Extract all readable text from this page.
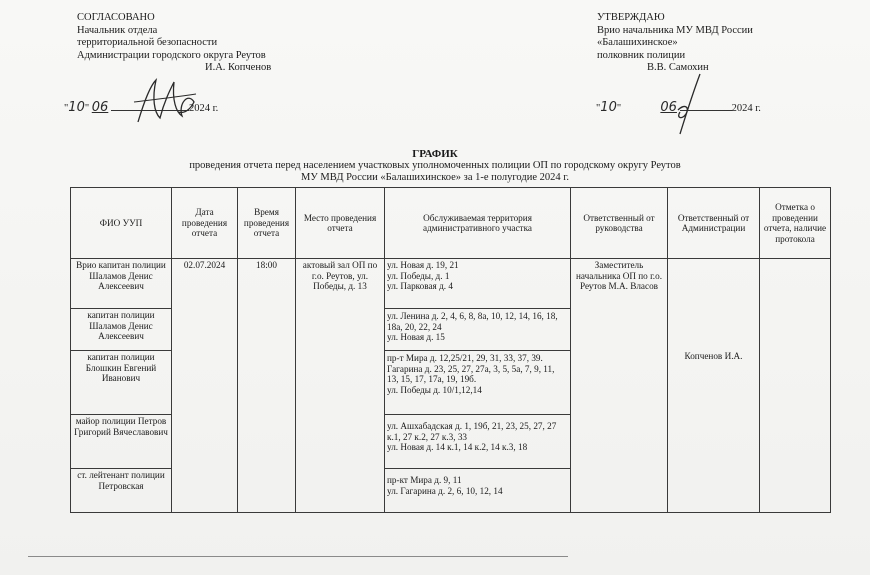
СОГЛАСОВАНО
Начальник отдела
территориальной безопасности
Администрации городского округа Реутов
И.А. Копченов
"10" 06	2024 г.
УТВЕРЖДАЮ
Врио начальника МУ МВД России
«Балашихинское»
полковник полиции
В.В. Самохин
"10"	06	2024 г.
ГРАФИК
проведения отчета перед населением участковых уполномоченных полиции ОП по городскому округу Реутов
МУ МВД России «Балашихинское» за 1-е полугодие 2024 г.
ФИО УУП	Дата проведения отчета	Время проведения отчета	Место проведения отчета	Обслуживаемая территория административного участка	Ответственный от руководства	Ответственный от Администрации	Отметка о проведении отчета, наличие протокола
Врио капитан полиции Шаламов Денис Алексеевич	02.07.2024	18:00	актовый зал ОП по г.о. Реутов, ул. Победы, д. 13	ул. Новая д. 19, 21
ул. Победы, д. 1
ул. Парковая д. 4	Заместитель начальника ОП по г.о. Реутов М.А. Власов	Копченов И.А.	
капитан полиции Шаламов Денис Алексеевич				ул. Ленина д. 2, 4, 6, 8, 8а, 10, 12, 14, 16, 18, 18а, 20, 22, 24
ул. Новая д. 15			
капитан полиции Блошкин Евгений Иванович				пр-т Мира д. 12,25/21, 29, 31, 33, 37, 39.
Гагарина д. 23, 25, 27, 27а, 3, 5, 5а, 7, 9, 11, 13, 15, 17, 17а, 19, 19б.
ул. Победы д. 10/1,12,14			
майор полиции Петров Григорий Вячеславович				ул. Ашхабадская д. 1, 19б, 21, 23, 25, 27, 27 к.1, 27 к.2, 27 к.3, 33
ул. Новая д. 14 к.1, 14 к.2, 14 к.3, 18			
ст. лейтенант полиции Петровская				пр-кт Мира д. 9, 11
ул. Гагарина д. 2, 6, 10, 12, 14			
